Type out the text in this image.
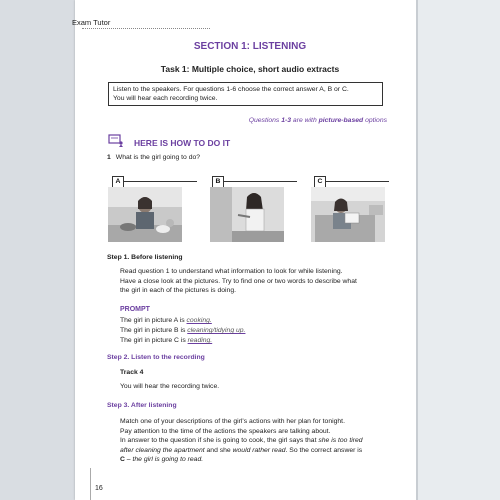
Exam Tutor
SECTION 1: LISTENING
Task 1: Multiple choice, short audio extracts
Listen to the speakers. For questions 1-6 choose the correct answer A, B or C.
You will hear each recording twice.
Questions 1-3 are with picture-based options
HERE IS HOW TO DO IT
1 What is the girl going to do?
A	B	C
Step 1. Before listening
Read question 1 to understand what information to look for while listening.
Have a close look at the pictures. Try to find one or two words to describe what
the girl in each of the pictures is doing.
PROMPT
The girl in picture A is cooking.
The girl in picture B is cleaning/tidying up.
The girl in picture C is reading.
Step 2. Listen to the recording
Track 4
You will hear the recording twice.
Step 3. After listening
Match one of your descriptions of the girl's actions with her plan for tonight.
Pay attention to the time of the actions the speakers are talking about.
In answer to the question if she is going to cook, the girl says that she is too tired
after cleaning the apartment and she would rather read. So the correct answer is
C – the girl is going to read.
16
